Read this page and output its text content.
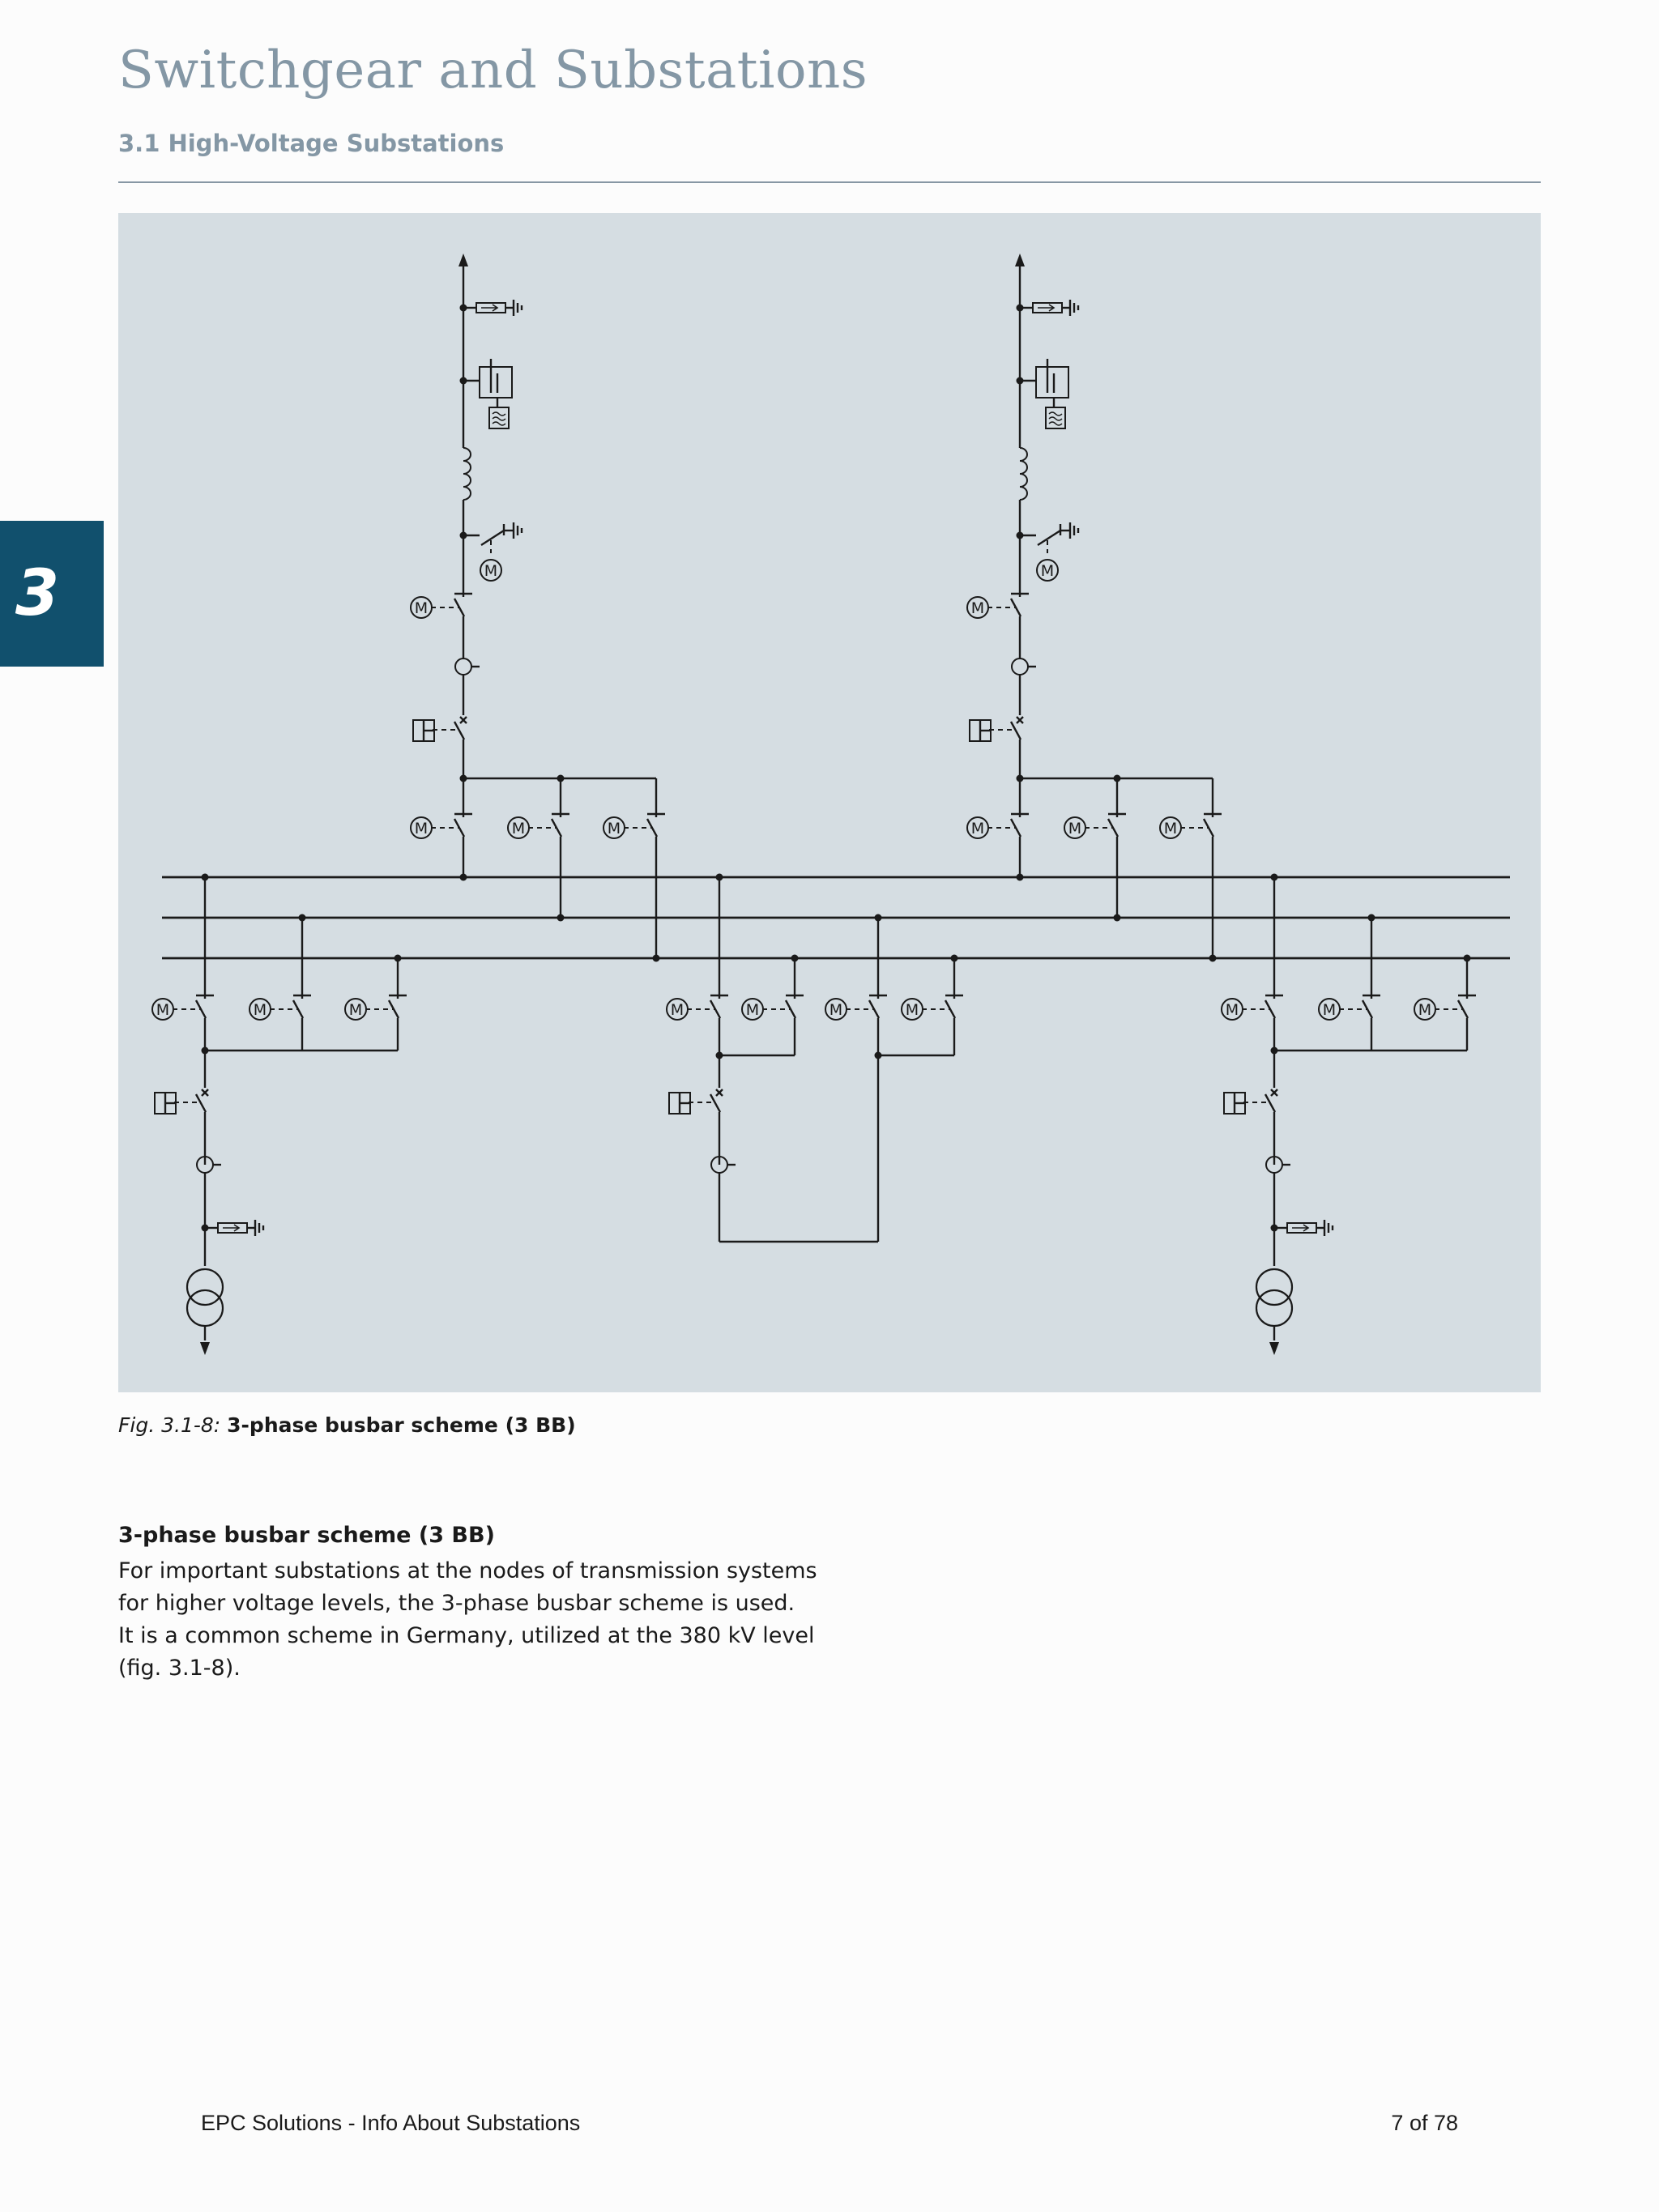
Switchgear and Substations
3.1 High-Voltage Substations
3	M
M
M	M	M
M
M
M	M	M
M	M	M	M	M	M
M	M	M	M
Fig. 3.1-8: 3-phase busbar scheme (3 BB)
3-phase busbar scheme (3 BB)
For important substations at the nodes of transmission systems
for higher voltage levels, the 3-phase busbar scheme is used.
It is a common scheme in Germany, utilized at the 380 kV level
(fig. 3.1-8).
EPC Solutions - Info About Substations	7 of 78
